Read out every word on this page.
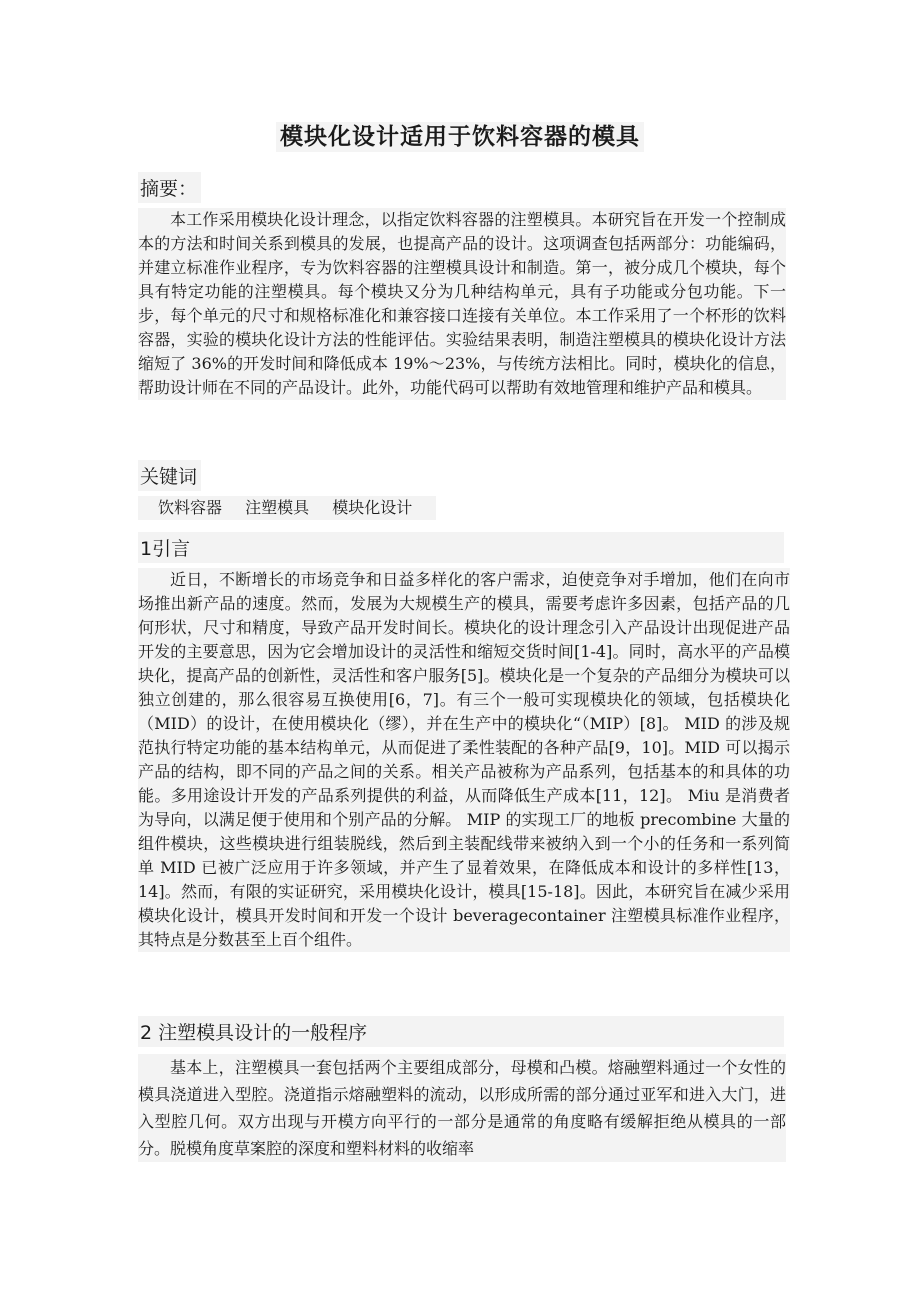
模块化设计适用于饮料容器的模具
摘要：

本工作采用模块化设计理念，以指定饮料容器的注塑模具。本研究旨在开发一个控制成本的方法和时间关系到模具的发展，也提高产品的设计。这项调查包括两部分：功能编码，并建立标准作业程序，专为饮料容器的注塑模具设计和制造。第一，被分成几个模块，每个具有特定功能的注塑模具。每个模块又分为几种结构单元，具有子功能或分包功能。下一步，每个单元的尺寸和规格标准化和兼容接口连接有关单位。本工作采用了一个杯形的饮料容器，实验的模块化设计方法的性能评估。实验结果表明，制造注塑模具的模块化设计方法缩短了 36%的开发时间和降低成本 19%～23%，与传统方法相比。同时，模块化的信息，帮助设计师在不同的产品设计。此外，功能代码可以帮助有效地管理和维护产品和模具。

关键词
饮料容器 注塑模具 模块化设计
1引言

近日，不断增长的市场竞争和日益多样化的客户需求，迫使竞争对手增加，他们在向市场推出新产品的速度。然而，发展为大规模生产的模具，需要考虑许多因素，包括产品的几何形状，尺寸和精度，导致产品开发时间长。模块化的设计理念引入产品设计出现促进产品开发的主要意思，因为它会增加设计的灵活性和缩短交货时间[1-4]。同时，高水平的产品模块化，提高产品的创新性，灵活性和客户服务[5]。模块化是一个复杂的产品细分为模块可以独立创建的，那么很容易互换使用[6，7]。有三个一般可实现模块化的领域，包括模块化（MID）的设计，在使用模块化（缪），并在生产中的模块化“（MIP）[8]。 MID 的涉及规范执行特定功能的基本结构单元，从而促进了柔性装配的各种产品[9，10]。MID 可以揭示产品的结构，即不同的产品之间的关系。相关产品被称为产品系列，包括基本的和具体的功能。多用途设计开发的产品系列提供的利益，从而降低生产成本[11，12]。 Miu 是消费者为导向，以满足便于使用和个别产品的分解。 MIP 的实现工厂的地板 precombine 大量的组件模块，这些模块进行组装脱线，然后到主装配线带来被纳入到一个小的任务和一系列简单 MID 已被广泛应用于许多领域，并产生了显着效果，在降低成本和设计的多样性[13，14]。然而，有限的实证研究，采用模块化设计，模具[15-18]。因此，本研究旨在减少采用模块化设计，模具开发时间和开发一个设计 beveragecontainer 注塑模具标准作业程序，其特点是分数甚至上百个组件。

2 注塑模具设计的一般程序

基本上，注塑模具一套包括两个主要组成部分，母模和凸模。熔融塑料通过一个女性的模具浇道进入型腔。浇道指示熔融塑料的流动，以形成所需的部分通过亚军和进入大门，进入型腔几何。双方出现与开模方向平行的一部分是通常的角度略有缓解拒绝从模具的一部分。脱模角度草案腔的深度和塑料材料的收缩率
